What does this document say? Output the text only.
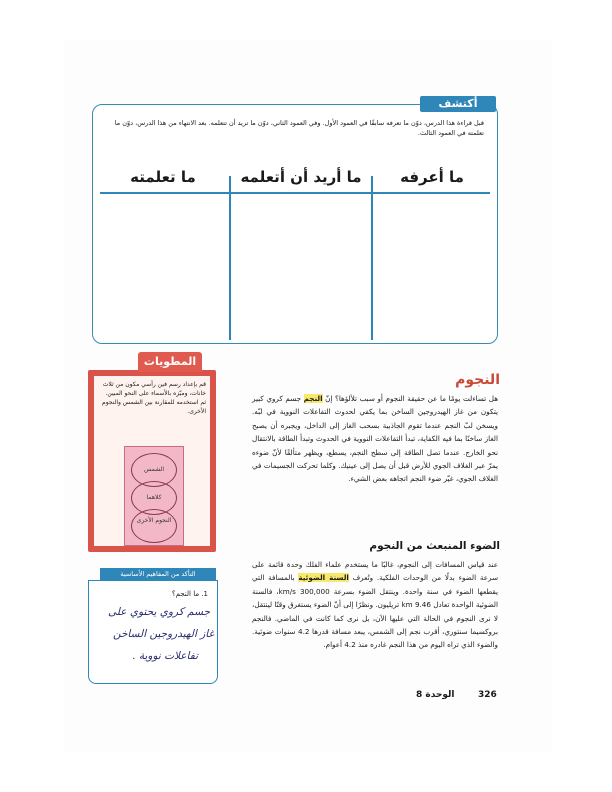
أكتشف
قبل قراءة هذا الدرس، دوّن ما تعرفه سابقًا في العمود الأول. وفي العمود الثاني، دوّن ما تريد أن تتعلمه. بعد الانتهاء من هذا الدرس، دوّن ما تعلمته في العمود الثالث.
ما أعرفه
ما أريد أن أتعلمه
ما تعلمته
المطويات
قم بإعداد رسم فين رأسي مكون من ثلاث خانات، وميّزه بالأسماء على النحو المبين. ثم استخدمه للمقارنة بين الشمس والنجوم الأخرى.
الشمس
كلاهما
النجوم الأخرى
التأكد من المفاهيم الأساسية
1. ما النجم؟
جسم كروي يحتوي على
غاز الهيدروجين الساخن
تفاعلات نووية .
النجوم
هل تساءلت يومًا ما عن حقيقة النجوم أو سبب تلألؤها؟ إنّ النجم جسم كروي كبير يتكون من غاز الهيدروجين الساخن بما يكفي لحدوث التفاعلات النووية في لبّه. ويسخن لبّ النجم عندما تقوم الجاذبية بسحب الغاز إلى الداخل، ويجبره أن يصبح الغاز ساخنًا بما فيه الكفاية، تبدأ التفاعلات النووية في الحدوث وتبدأ الطاقة بالانتقال نحو الخارج. عندما تصل الطاقة إلى سطح النجم، يسطع، ويظهر متألقًا لأنّ ضوءه يمرّ عبر الغلاف الجوي للأرض قبل أن يصل إلى عينيك. وكلما تحركت الجسيمات في الغلاف الجوي، غيّر ضوء النجم اتجاهه بعض الشيء.
الضوء المنبعث من النجوم
عند قياس المسافات إلى النجوم، غالبًا ما يستخدم علماء الفلك وحدة قائمة على سرعة الضوء بدلًا من الوحدات الفلكية. وتُعرف السنة الضوئية بالمسافة التي يقطعها الضوء في سنة واحدة. وينتقل الضوء بسرعة 300,000 km/s، فالسنة الضوئية الواحدة تعادل 9.46 km تريليون. ونظرًا إلى أنّ الضوء يستغرق وقتًا لينتقل، لا نرى النجوم في الحالة التي عليها الآن، بل نرى كما كانت في الماضي. فالنجم بروكسيما سنتوري، أقرب نجم إلى الشمس، يبعد مسافة قدرها 4.2 سنوات ضوئية. والضوء الذي تراه اليوم من هذا النجم غادره منذ 4.2 أعوام.
326
الوحدة 8
